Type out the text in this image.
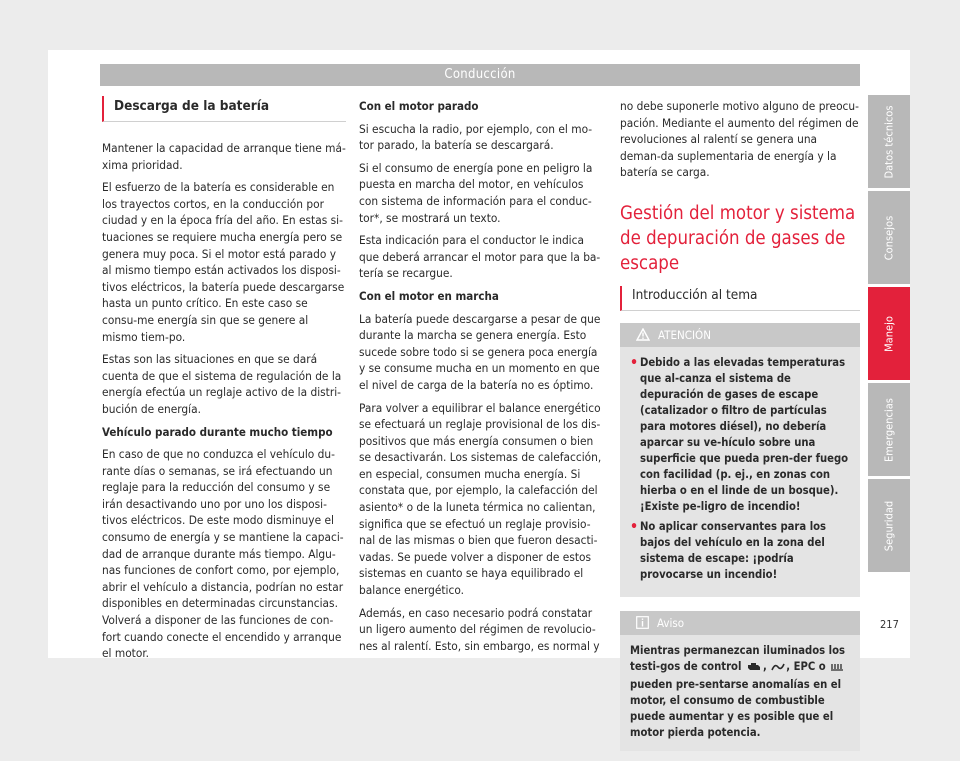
Conducción
Descarga de la batería

Mantener la capacidad de arranque tiene má-xima prioridad.

El esfuerzo de la batería es considerable en los trayectos cortos, en la conducción por ciudad y en la época fría del año. En estas si-tuaciones se requiere mucha energía pero se genera muy poca. Si el motor está parado y al mismo tiempo están activados los disposi-tivos eléctricos, la batería puede descargarse hasta un punto crítico. En este caso se consu-me energía sin que se genere al mismo tiem-po.

Estas son las situaciones en que se dará cuenta de que el sistema de regulación de la energía efectúa un reglaje activo de la distri-bución de energía.

Vehículo parado durante mucho tiempo

En caso de que no conduzca el vehículo du-rante días o semanas, se irá efectuando un reglaje para la reducción del consumo y se irán desactivando uno por uno los disposi-tivos eléctricos. De este modo disminuye el consumo de energía y se mantiene la capaci-dad de arranque durante más tiempo. Algu-nas funciones de confort como, por ejemplo, abrir el vehículo a distancia, podrían no estar disponibles en determinadas circunstancias. Volverá a disponer de las funciones de con-fort cuando conecte el encendido y arranque el motor.

Con el motor parado

Si escucha la radio, por ejemplo, con el mo-tor parado, la batería se descargará.

Si el consumo de energía pone en peligro la puesta en marcha del motor, en vehículos con sistema de información para el conduc-tor*, se mostrará un texto.

Esta indicación para el conductor le indica que deberá arrancar el motor para que la ba-tería se recargue.

Con el motor en marcha

La batería puede descargarse a pesar de que durante la marcha se genera energía. Esto sucede sobre todo si se genera poca energía y se consume mucha en un momento en que el nivel de carga de la batería no es óptimo.

Para volver a equilibrar el balance energético se efectuará un reglaje provisional de los dis-positivos que más energía consumen o bien se desactivarán. Los sistemas de calefacción, en especial, consumen mucha energía. Si constata que, por ejemplo, la calefacción del asiento* o de la luneta térmica no calientan, significa que se efectuó un reglaje provisio-nal de las mismas o bien que fueron desacti-vadas. Se puede volver a disponer de estos sistemas en cuanto se haya equilibrado el balance energético.

Además, en caso necesario podrá constatar un ligero aumento del régimen de revolucio-nes al ralentí. Esto, sin embargo, es normal y

no debe suponerle motivo alguno de preocu-pación. Mediante el aumento del régimen de revoluciones al ralentí se genera una deman-da suplementaria de energía y la batería se carga.

Gestión del motor y sistema de depuración de gases de escape
Introducción al tema
ATENCIÓN
• Debido a las elevadas temperaturas que al-canza el sistema de depuración de gases de escape (catalizador o filtro de partículas para motores diésel), no debería aparcar su ve-hículo sobre una superficie que pueda pren-der fuego con facilidad (p. ej., en zonas con hierba o en el linde de un bosque). ¡Existe pe-ligro de incendio!
• No aplicar conservantes para los bajos del vehículo en la zona del sistema de escape: ¡podría provocarse un incendio!
Aviso
Mientras permanezcan iluminados los testi-gos de control , , EPC o  pueden pre-sentarse anomalías en el motor, el consumo de combustible puede aumentar y es posible que el motor pierda potencia.
Datos técnicos
Consejos
Manejo
Emergencias
Seguridad
217
